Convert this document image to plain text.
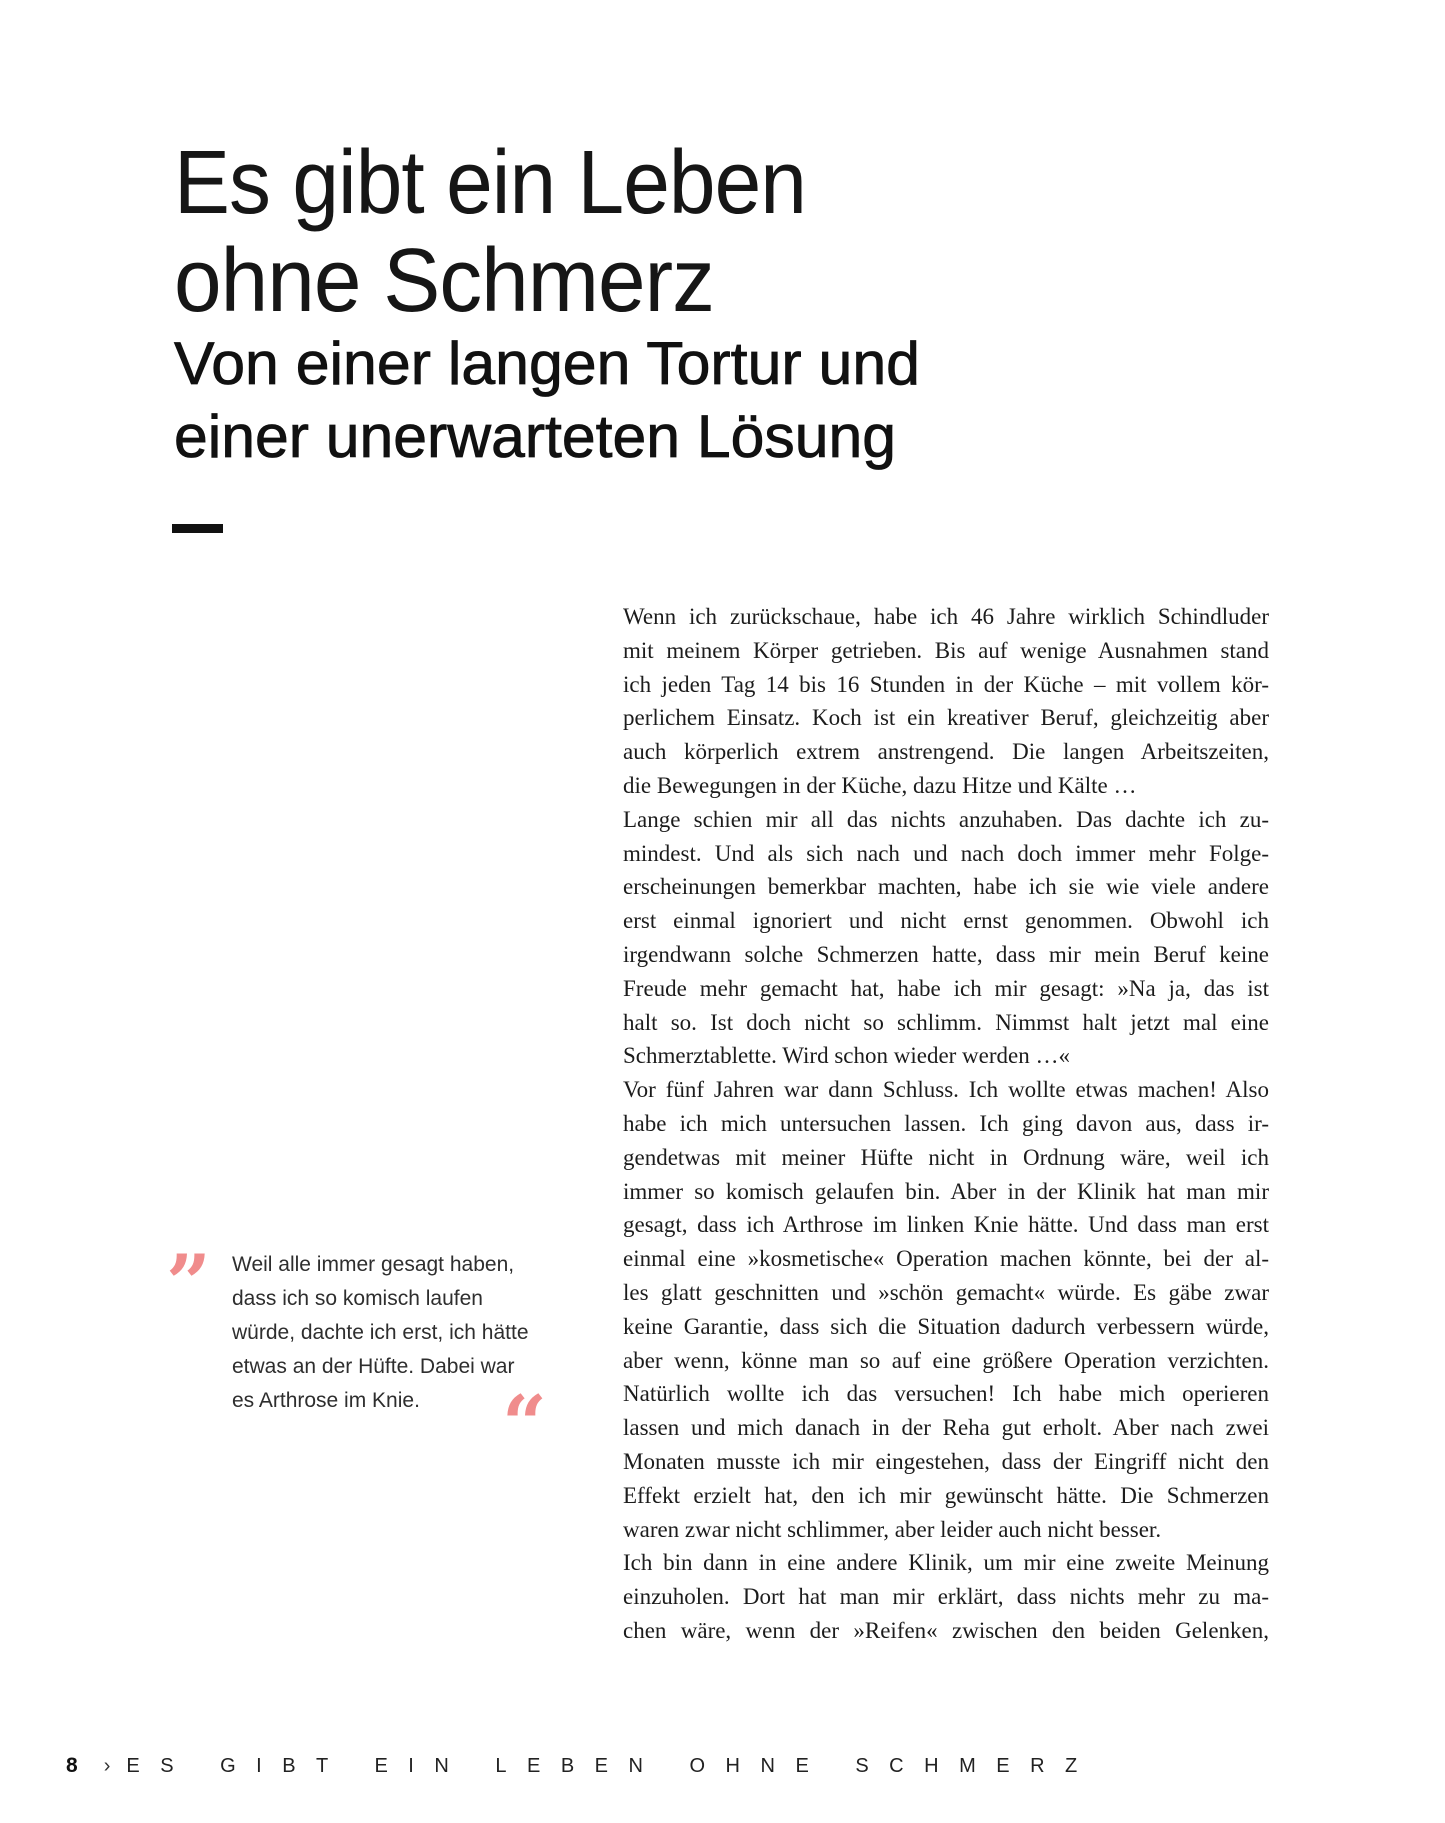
Es gibt ein Leben
ohne Schmerz
Von einer langen Tortur und
einer unerwarteten Lösung
” Weil alle immer gesagt haben,
dass ich so komisch laufen
würde, dachte ich erst, ich hätte
etwas an der Hüfte. Dabei war
es Arthrose im Knie.	“
Wenn ich zurückschaue, habe ich 46 Jahre wirklich Schindluder
mit meinem Körper getrieben. Bis auf wenige Ausnahmen stand
ich jeden Tag 14 bis 16 Stunden in der Küche – mit vollem kör-
perlichem Einsatz. Koch ist ein kreativer Beruf, gleichzeitig aber
auch körperlich extrem anstrengend. Die langen Arbeitszeiten,
die Bewegungen in der Küche, dazu Hitze und Kälte …
Lange schien mir all das nichts anzuhaben. Das dachte ich zu-
mindest. Und als sich nach und nach doch immer mehr Folge-
erscheinungen bemerkbar machten, habe ich sie wie viele andere
erst einmal ignoriert und nicht ernst genommen. Obwohl ich
irgendwann solche Schmerzen hatte, dass mir mein Beruf keine
Freude mehr gemacht hat, habe ich mir gesagt: »Na ja, das ist
halt so. Ist doch nicht so schlimm. Nimmst halt jetzt mal eine
Schmerztablette. Wird schon wieder werden …«
Vor fünf Jahren war dann Schluss. Ich wollte etwas machen! Also
habe ich mich untersuchen lassen. Ich ging davon aus, dass ir-
gendetwas mit meiner Hüfte nicht in Ordnung wäre, weil ich
immer so komisch gelaufen bin. Aber in der Klinik hat man mir
gesagt, dass ich Arthrose im linken Knie hätte. Und dass man erst
einmal eine »kosmetische« Operation machen könnte, bei der al-
les glatt geschnitten und »schön gemacht« würde. Es gäbe zwar
keine Garantie, dass sich die Situation dadurch verbessern würde,
aber wenn, könne man so auf eine größere Operation verzichten.
Natürlich wollte ich das versuchen! Ich habe mich operieren
lassen und mich danach in der Reha gut erholt. Aber nach zwei
Monaten musste ich mir eingestehen, dass der Eingriff nicht den
Effekt erzielt hat, den ich mir gewünscht hätte. Die Schmerzen
waren zwar nicht schlimmer, aber leider auch nicht besser.
Ich bin dann in eine andere Klinik, um mir eine zweite Meinung
einzuholen. Dort hat man mir erklärt, dass nichts mehr zu ma-
chen wäre, wenn der »Reifen« zwischen den beiden Gelenken,
8 › ES GIBT EIN LEBEN OHNE SCHMERZ
